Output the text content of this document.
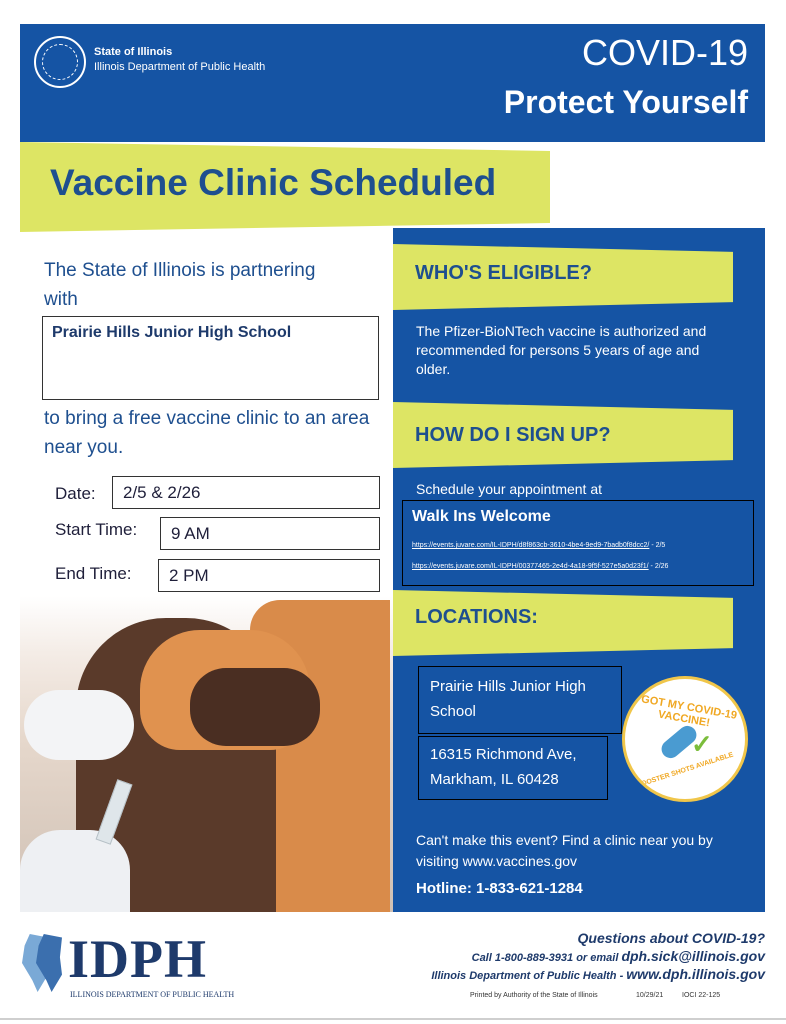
State of Illinois
Illinois Department of Public Health	COVID-19
Protect Yourself
Vaccine Clinic Scheduled
The State of Illinois is partnering with
Prairie Hills Junior High School
to bring a free vaccine clinic to an area near you.
Date:	2/5 & 2/26
Start Time:	9 AM
End Time:	2 PM
WHO'S ELIGIBLE?
The Pfizer-BioNTech vaccine is authorized and recommended for persons 5 years of age and older.
HOW DO I SIGN UP?
Schedule your appointment at
Walk Ins Welcome
https://events.juvare.com/IL-IDPH/d8f863cb-3610-4be4-9ed9-7badb0f8dcc2/ - 2/5
https://events.juvare.com/IL-IDPH/00377465-2e4d-4a18-9f5f-527e5a0d23f1/ - 2/26
LOCATIONS:
Prairie Hills Junior High School
16315 Richmond Ave, Markham, IL 60428
I GOT MY COVID-19 VACCINE!
✓
BOOSTER SHOTS AVAILABLE
Can't make this event? Find a clinic near you by visiting www.vaccines.gov
Hotline: 1-833-621-1284
IDPH
ILLINOIS DEPARTMENT OF PUBLIC HEALTH
Questions about COVID-19?
Call 1-800-889-3931 or email dph.sick@illinois.gov
Illinois Department of Public Health - www.dph.illinois.gov
Printed by Authority of the State of Illinois	10/29/21	IOCI 22-125
